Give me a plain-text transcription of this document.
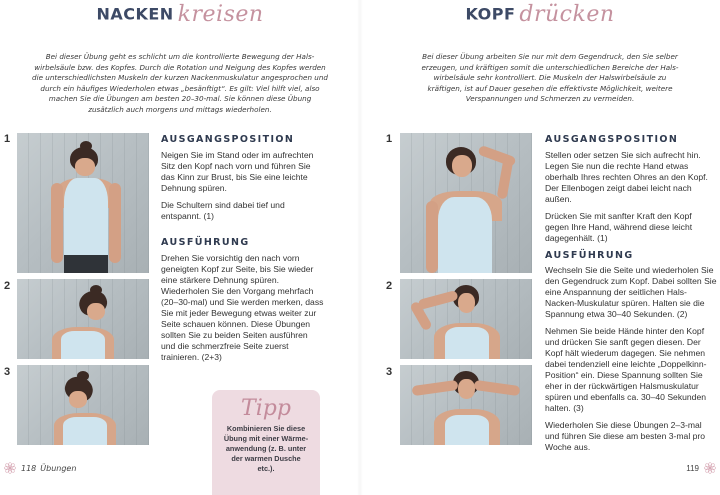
NACKEN kreisen
Bei dieser Übung geht es schlicht um die kontrollierte Bewegung der Hals-wirbelsäule bzw. des Kopfes. Durch die Rotation und Neigung des Kopfes werden die unterschiedlichsten Muskeln der kurzen Nackenmuskulatur angesprochen und durch ein häufiges Wiederholen etwas „besänftigt“. Es gilt: Viel hilft viel, also machen Sie die Übungen am besten 20–30-mal. Sie können diese Übung zusätzlich auch morgens und mittags wiederholen.
1
2
3
AUSGANGSPOSITION

Neigen Sie im Stand oder im aufrechten Sitz den Kopf nach vorn und führen Sie das Kinn zur Brust, bis Sie eine leichte Dehnung spüren.

Die Schultern sind dabei tief und entspannt. (1)

AUSFÜHRUNG

Drehen Sie vorsichtig den nach vorn geneigten Kopf zur Seite, bis Sie wieder eine stärkere Dehnung spüren. Wiederholen Sie den Vorgang mehrfach (20–30-mal) und Sie werden merken, dass Sie mit jeder Bewegung etwas weiter zur Seite schauen können. Diese Übungen sollten Sie zu beiden Seiten ausführen und die schmerzfreie Seite zuerst trainieren. (2+3)

Tipp
Kombinieren Sie diese Übung mit einer Wärme-anwendung (z. B. unter der warmen Dusche etc.).
118 Übungen
KOPF drücken
Bei dieser Übung arbeiten Sie nur mit dem Gegendruck, den Sie selber erzeugen, und kräftigen somit die unterschiedlichen Bereiche der Hals-wirbelsäule sehr kontrolliert. Die Muskeln der Halswirbelsäule zu kräftigen, ist auf Dauer gesehen die effektivste Möglichkeit, weitere Verspannungen und Schmerzen zu vermeiden.
1
2
3
AUSGANGSPOSITION

Stellen oder setzen Sie sich aufrecht hin. Legen Sie nun die rechte Hand etwas oberhalb Ihres rechten Ohres an den Kopf. Der Ellenbogen zeigt dabei leicht nach außen.

Drücken Sie mit sanfter Kraft den Kopf gegen Ihre Hand, während diese leicht dagegenhält. (1)

AUSFÜHRUNG

Wechseln Sie die Seite und wiederholen Sie den Gegendruck zum Kopf. Dabei sollten Sie eine Anspannung der seitlichen Hals-Nacken-Muskulatur spüren. Halten sie die Spannung etwa 30–40 Sekunden. (2)

Nehmen Sie beide Hände hinter den Kopf und drücken Sie sanft gegen diesen. Der Kopf hält wiederum dagegen. Sie nehmen dabei tendenziell eine leichte „Doppelkinn-Position“ ein. Diese Spannung sollten Sie eher in der rückwärtigen Halsmuskulatur spüren und ebenfalls ca. 30–40 Sekunden halten. (3)

Wiederholen Sie diese Übungen 2–3-mal und führen Sie diese am besten 3-mal pro Woche aus.

119
